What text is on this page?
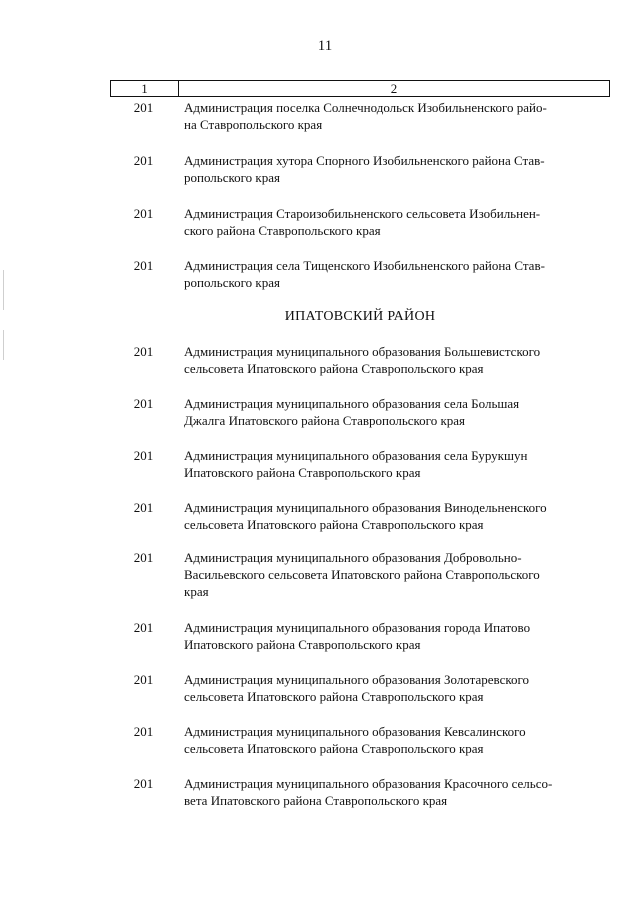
11
1	2
201	Администрация поселка Солнечнодольск Изобильненского райо-
на Ставропольского края
201	Администрация хутора Спорного Изобильненского района Став-
ропольского края
201	Администрация Староизобильненского сельсовета Изобильнен-
ского района Ставропольского края
201	Администрация села Тищенского Изобильненского района Став-
ропольского края
ИПАТОВСКИЙ РАЙОН
201	Администрация муниципального образования Большевистского
сельсовета Ипатовского района Ставропольского края
201	Администрация муниципального образования села Большая
Джалга Ипатовского района Ставропольского края
201	Администрация муниципального образования села Бурукшун
Ипатовского района Ставропольского края
201	Администрация муниципального образования Винодельненского
сельсовета Ипатовского района Ставропольского края
201	Администрация муниципального образования Добровольно-
Васильевского сельсовета Ипатовского района Ставропольского
края
201	Администрация муниципального образования города Ипатово
Ипатовского района Ставропольского края
201	Администрация муниципального образования Золотаревского
сельсовета Ипатовского района Ставропольского края
201	Администрация муниципального образования Кевсалинского
сельсовета Ипатовского района Ставропольского края
201	Администрация муниципального образования Красочного сельсо-
вета Ипатовского района Ставропольского края
